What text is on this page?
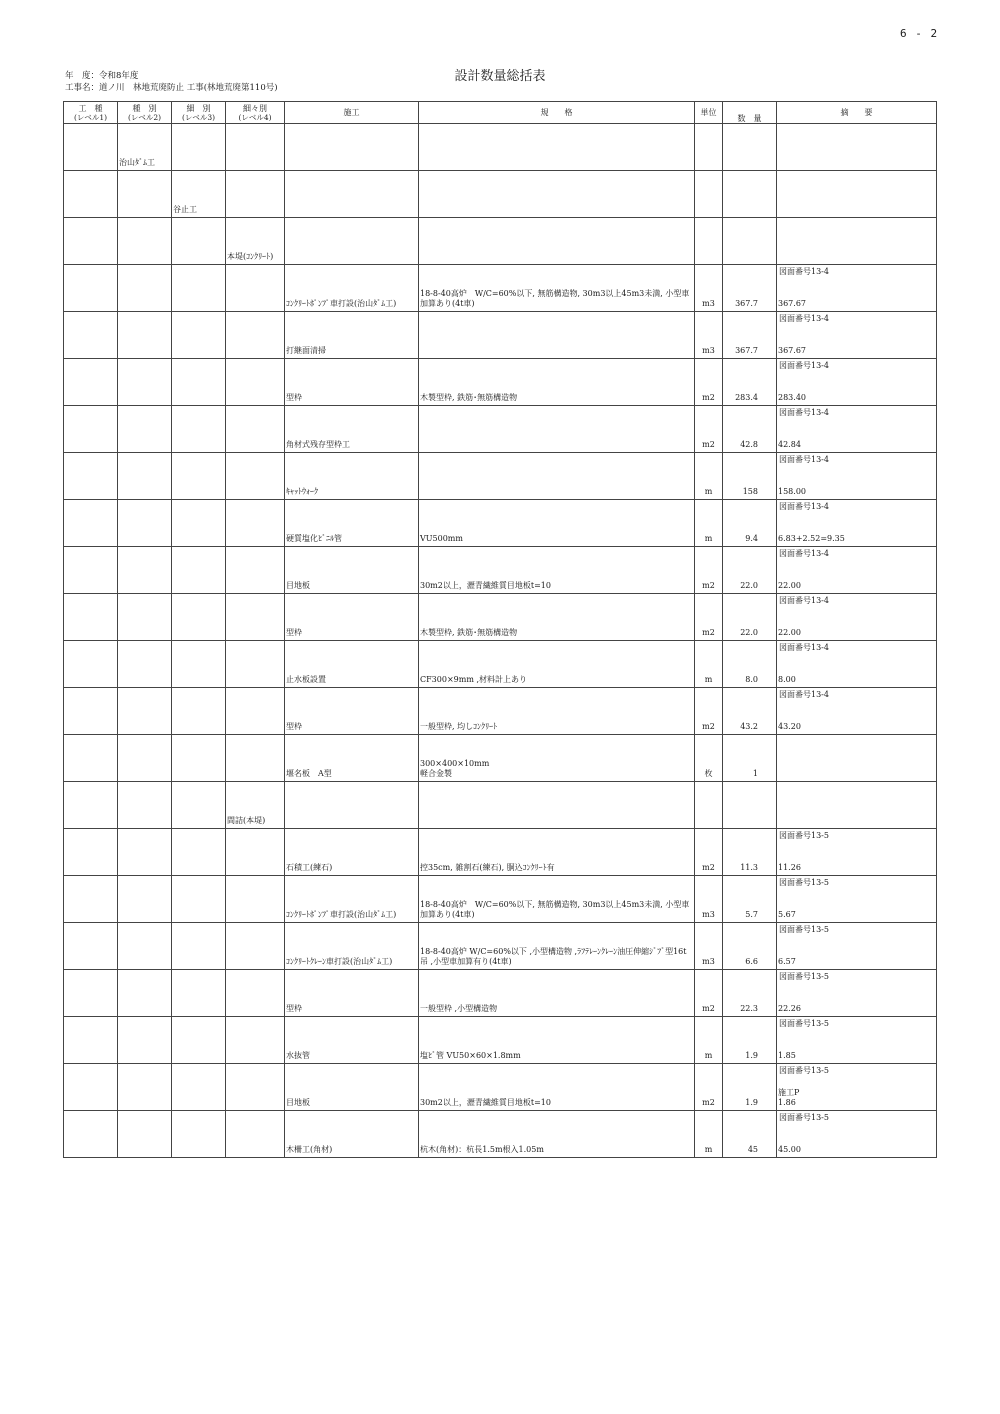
6 - 2
設計数量総括表
年　度：令和8年度
工事名：道ノ川　林地荒廃防止 工事(林地荒廃第110号)
工　種
(レベル1)	種　別
(レベル2)	細　別
(レベル3)	細々別
(レベル4)	施工	規　　格	単位	数　量	摘　　要
	治山ﾀﾞﾑ工							

		谷止工						

			本堤(ｺﾝｸﾘｰﾄ)					

				ｺﾝｸﾘｰﾄﾎﾟﾝﾌﾟ車打設(治山ﾀﾞﾑ工)	18-8-40高炉　W/C=60%以下, 無筋構造物, 30m3以上45m3未満, 小型車加算あり(4t車)	m3	367.7	図面番号13-4
367.67

				打継面清掃		m3	367.7	図面番号13-4
367.67

				型枠	木製型枠, 鉄筋･無筋構造物	m2	283.4	図面番号13-4
283.40

				角材式残存型枠工		m2	42.8	図面番号13-4
42.84

				ｷｬｯﾄｳｫｰｸ		m	158	図面番号13-4
158.00

				硬質塩化ﾋﾞﾆﾙ管	VU500mm	m	9.4	図面番号13-4
6.83+2.52=9.35

				目地板	30m2以上，瀝青繊維質目地板t=10	m2	22.0	図面番号13-4
22.00

				型枠	木製型枠, 鉄筋･無筋構造物	m2	22.0	図面番号13-4
22.00

				止水板設置	CF300×9mm ,材料計上あり	m	8.0	図面番号13-4
8.00

				型枠	一般型枠, 均しｺﾝｸﾘｰﾄ	m2	43.2	図面番号13-4
43.20

				堰名板　A型	300×400×10mm
軽合金製	枚	1	

			間詰(本堤)					

				石積工(練石)	控35cm, 雑割石(練石), 胴込ｺﾝｸﾘｰﾄ有	m2	11.3	図面番号13-5
11.26

				ｺﾝｸﾘｰﾄﾎﾟﾝﾌﾟ車打設(治山ﾀﾞﾑ工)	18-8-40高炉　W/C=60%以下, 無筋構造物, 30m3以上45m3未満, 小型車加算あり(4t車)	m3	5.7	図面番号13-5
5.67

				ｺﾝｸﾘｰﾄｸﾚｰﾝ車打設(治山ﾀﾞﾑ工)	18-8-40高炉 W/C=60%以下 ,小型構造物 ,ﾗﾌﾃﾚｰﾝｸﾚｰﾝ油圧伸縮ｼﾞﾌﾞ型16t吊 ,小型車加算有り(4t車)	m3	6.6	図面番号13-5
6.57

				型枠	一般型枠 ,小型構造物	m2	22.3	図面番号13-5
22.26

				水抜管	塩ﾋﾞ管 VU50×60×1.8mm	m	1.9	図面番号13-5
1.85

				目地板	30m2以上，瀝青繊維質目地板t=10	m2	1.9	図面番号13-5
施工P
1.86

				木柵工(角材)	杭木(角材)：杭長1.5m根入1.05m	m	45	図面番号13-5
45.00
